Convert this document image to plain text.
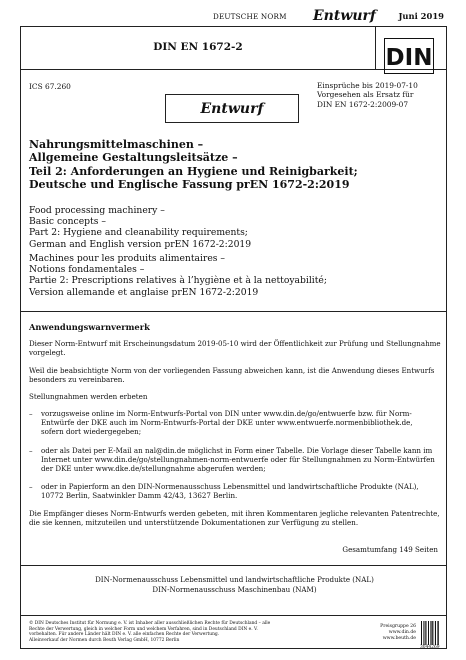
DEUTSCHE NORM Entwurf	Juni 2019
DIN EN 1672-2	DIN
ICS 67.260	Einsprüche bis 2019-07-10
Vorgesehen als Ersatz für
DIN EN 1672-2:2009-07
Entwurf
Nahrungsmittelmaschinen –
Allgemeine Gestaltungsleitsätze –
Teil 2: Anforderungen an Hygiene und Reinigbarkeit;
Deutsche und Englische Fassung prEN 1672-2:2019
Food processing machinery –
Basic concepts –
Part 2: Hygiene and cleanability requirements;
German and English version prEN 1672-2:2019
Machines pour les produits alimentaires –
Notions fondamentales –
Partie 2: Prescriptions relatives à l’hygiène et à la nettoyabilité;
Version allemande et anglaise prEN 1672-2:2019
Anwendungswarnvermerk
Dieser Norm-Entwurf mit Erscheinungsdatum 2019-05-10 wird der Öffentlichkeit zur Prüfung und Stellungnahme vorgelegt.
Weil die beabsichtigte Norm von der vorliegenden Fassung abweichen kann, ist die Anwendung dieses Entwurfs besonders zu vereinbaren.
Stellungnahmen werden erbeten
– vorzugsweise online im Norm-Entwurfs-Portal von DIN unter www.din.de/go/entwuerfe bzw. für Norm-Entwürfe der DKE auch im Norm-Entwurfs-Portal der DKE unter www.entwuerfe.normenbibliothek.de, sofern dort wiedergegeben;
– oder als Datei per E-Mail an nal@din.de möglichst in Form einer Tabelle. Die Vorlage dieser Tabelle kann im Internet unter www.din.de/go/stellungnahmen-norm-entwuerfe oder für Stellungnahmen zu Norm-Entwürfen der DKE unter www.dke.de/stellungnahme abgerufen werden;
– oder in Papierform an den DIN-Normenausschuss Lebensmittel und landwirtschaftliche Produkte (NAL), 10772 Berlin, Saatwinkler Damm 42/43, 13627 Berlin.
Die Empfänger dieses Norm-Entwurfs werden gebeten, mit ihren Kommentaren jegliche relevanten Patentrechte, die sie kennen, mitzuteilen und unterstützende Dokumentationen zur Verfügung zu stellen.
Gesamtumfang 149 Seiten
DIN-Normenausschuss Lebensmittel und landwirtschaftliche Produkte (NAL)
DIN-Normenausschuss Maschinenbau (NAM)
© DIN Deutsches Institut für Normung e. V. ist Inhaber aller ausschließlichen Rechte für Deutschland – alle
Rechte der Verwertung, gleich in welcher Form und welchem Verfahren, sind in Deutschland DIN e. V.
vorbehalten. Für andere Länder hält DIN e. V. alle einfachen Rechte der Verwertung.
Alleinverkauf der Normen durch Beuth Verlag GmbH, 10772 Berlin
Preisgruppe 26
www.din.de
www.beuth.de
3044269
